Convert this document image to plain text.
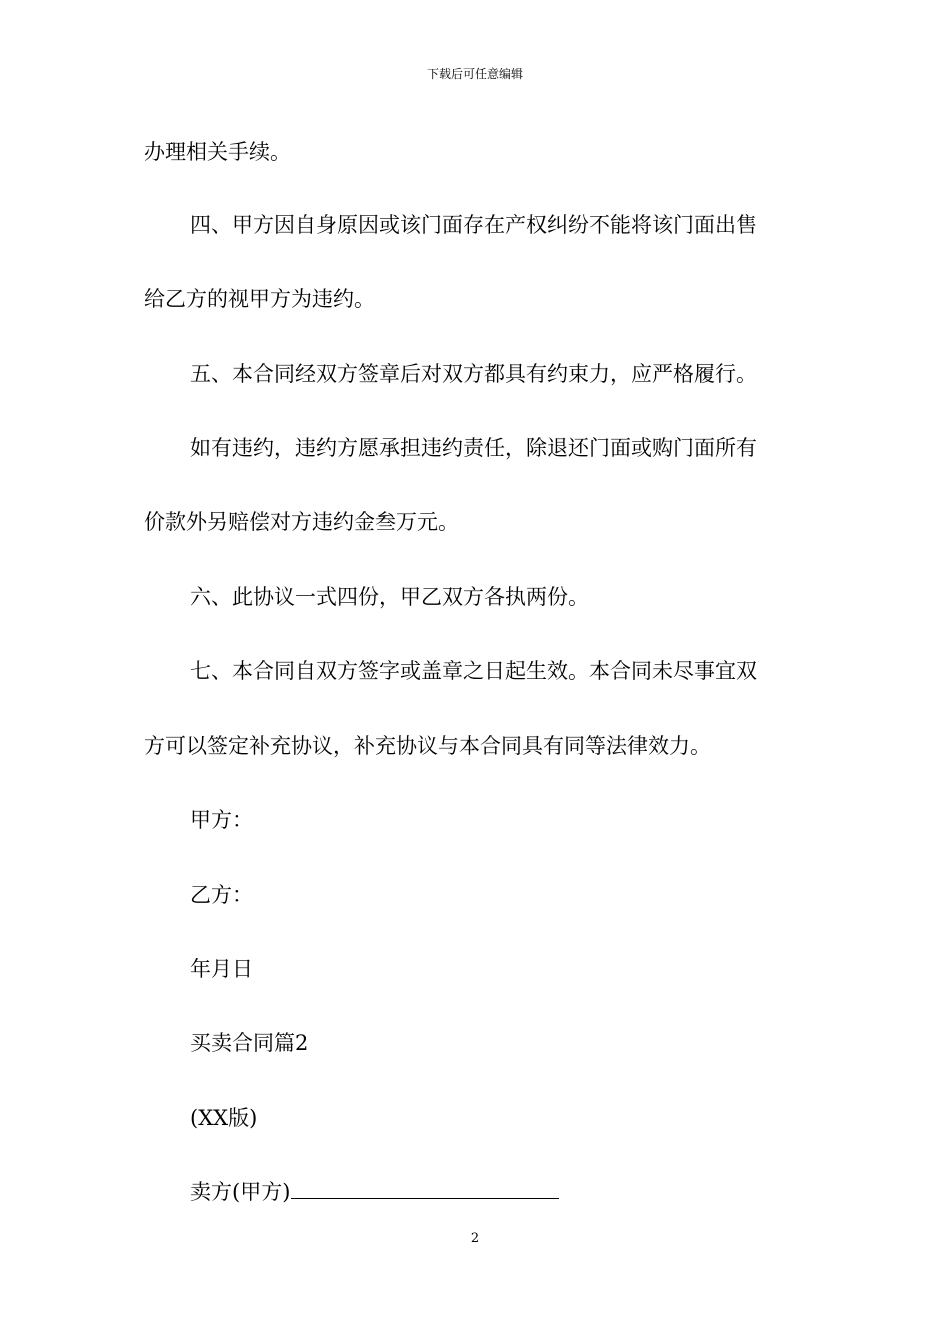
下载后可任意编辑
办理相关手续。
四、甲方因自身原因或该门面存在产权纠纷不能将该门面出售
给乙方的视甲方为违约。
五、本合同经双方签章后对双方都具有约束力，应严格履行。
如有违约，违约方愿承担违约责任，除退还门面或购门面所有
价款外另赔偿对方违约金叁万元。
六、此协议一式四份，甲乙双方各执两份。
七、本合同自双方签字或盖章之日起生效。本合同未尽事宜双
方可以签定补充协议，补充协议与本合同具有同等法律效力。
甲方：
乙方：
年月日
买卖合同篇2
(XX版)
卖方(甲方)
2
